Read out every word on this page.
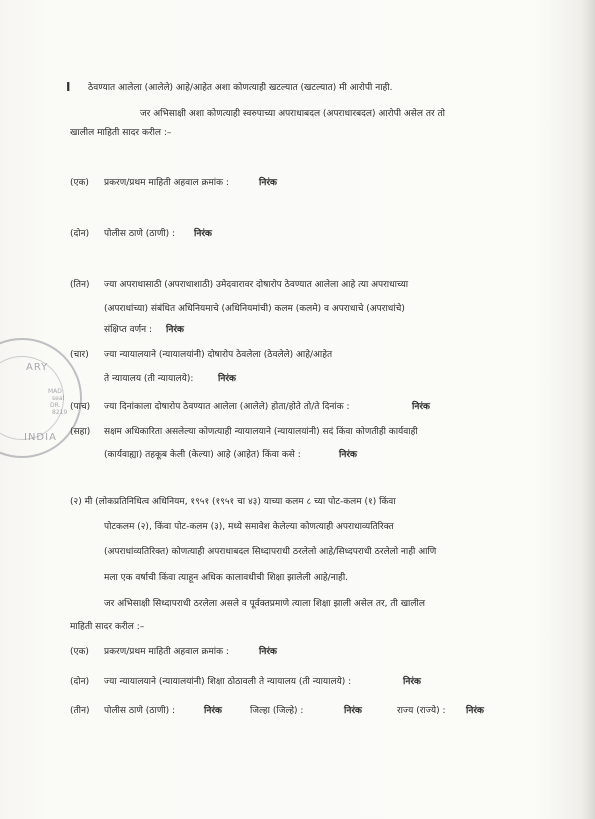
ARY
MAD
seal
DR.
8219
INDIA
I ठेवण्यात आलेला (आलेले) आहे/आहेत अशा कोणत्याही खटल्यात (खटल्यात) मी आरोपी नाही.
जर अभिसाक्षी अशा कोणत्याही स्वरुपाच्या अपराधाबदल (अपराधारबदल) आरोपी असेल तर तो
खालील माहिती सादर करील :–
(एक) प्रकरण/प्रथम माहिती अहवाल क्रमांक :	निरंक
(दोन) पोलीस ठाणे (ठाणी) : निरंक
(तिन) ज्या अपराधासाठी (अपराधाशाठी) उमेदवारावर दोषारोप ठेवण्यात आलेला आहे त्या अपराधाच्या
(अपराधांच्या) संबंधित अधिनियमाचे (अधिनियमांची) कलम (कलमे) व अपराधाचे (अपराधांचे)
संक्षिप्त वर्णन : निरंक
(चार) ज्या न्यायालयाने (न्यायालयांनी) दोषारोप ठेवलेला (ठेवलेले) आहे/आहेत
ते न्यायालय (ती न्यायालये):	निरंक
(पाच) ज्या दिनांकाला दोषारोप ठेवण्यात आलेला (आलेले) होता/होते तो/ते दिनांक :	निरंक
(सहा) सक्षम अधिकारिता असलेल्या कोणत्याही न्यायालयाने (न्यायालयांनी) सदं किंवा कोणतीही कार्यवाही
(कार्यवाह्या) तहकूब केली (केल्या) आहे (आहेत) किंवा कसे :	निरंक
(२) मी (लोकप्रतिनिधित्व अधिनियम, १९५१ (१९५१ चा ४३) याच्या कलम ८ च्या पोट-कलम (१) किंवा
पोटकलम (२), किंवा पोट-कलम (३), मध्ये समावेश केलेल्या कोणत्याही अपराधाव्यतिरिक्त
(अपराधांव्यतिरिक्त) कोणत्याही अपराधाबदल सिध्दापराधी ठरलेलो आहे/सिध्दपराधी ठरलेलो नाही आणि
मला एक वर्षाची किंवा त्याहून अधिक कालावधीची शिक्षा झालेली आहे/नाही.
जर अभिसाक्षी सिध्दापराधी ठरलेला असले व पूर्वक्तप्रमाणे त्याला शिक्षा झाली असेल तर, ती खालील
माहिती सादर करील :–
(एक) प्रकरण/प्रथम माहिती अहवाल क्रमांक :	निरंक
(दोन) ज्या न्यायालयाने (न्यायालयांनी) शिक्षा ठोठावली ते न्यायालय (ती न्यायालये) :	निरंक
(तीन) पोलीस ठाणे (ठाणी) :	निरंक	जिल्हा (जिल्हे) :	निरंक	राज्य (राज्ये) : निरंक
